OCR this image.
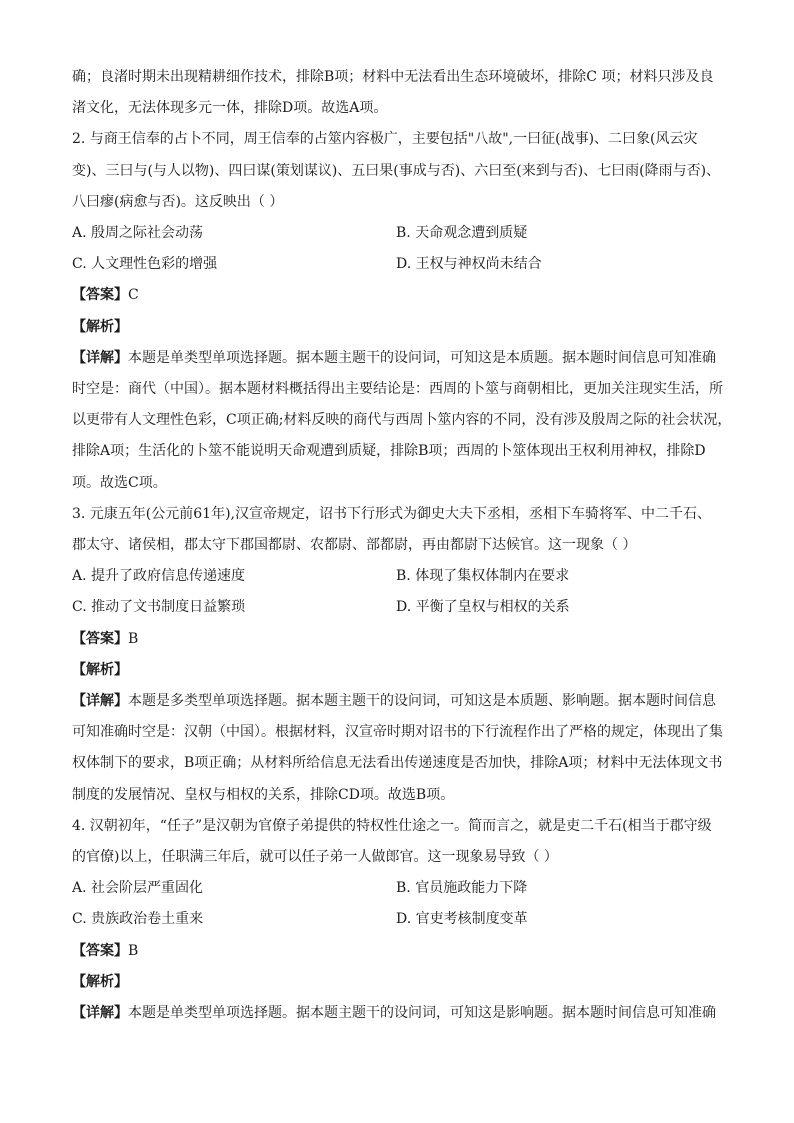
确；良渚时期未出现精耕细作技术，排除B项；材料中无法看出生态环境破坏，排除C 项；材料只涉及良
渚文化，无法体现多元一体，排除D项。故选A项。
2. 与商王信奉的占卜不同，周王信奉的占筮内容极广，主要包括"八故",一曰征(战事)、二曰象(风云灾
变)、三曰与(与人以物)、四曰谋(策划谋议)、五曰果(事成与否)、六曰至(来到与否)、七曰雨(降雨与否)、
八曰瘳(病愈与否)。这反映出（ ）
A. 殷周之际社会动荡	B. 天命观念遭到质疑
C. 人文理性色彩的增强	D. 王权与神权尚未结合
【答案】C
【解析】
【详解】本题是单类型单项选择题。据本题主题干的设问词，可知这是本质题。据本题时间信息可知准确
时空是：商代（中国）。据本题材料概括得出主要结论是：西周的卜筮与商朝相比，更加关注现实生活，所
以更带有人文理性色彩，C项正确;材料反映的商代与西周卜筮内容的不同，没有涉及殷周之际的社会状况，
排除A项；生活化的卜筮不能说明天命观遭到质疑，排除B项；西周的卜筮体现出王权利用神权，排除D
项。故选C项。
3. 元康五年(公元前61年),汉宣帝规定，诏书下行形式为御史大夫下丞相，丞相下车骑将军、中二千石、
郡太守、诸侯相，郡太守下郡国都尉、农都尉、部都尉，再由都尉下达候官。这一现象（ ）
A. 提升了政府信息传递速度	B. 体现了集权体制内在要求
C. 推动了文书制度日益繁琐	D. 平衡了皇权与相权的关系
【答案】B
【解析】
【详解】本题是多类型单项选择题。据本题主题干的设问词，可知这是本质题、影响题。据本题时间信息
可知准确时空是：汉朝（中国）。根据材料，汉宣帝时期对诏书的下行流程作出了严格的规定，体现出了集
权体制下的要求，B项正确；从材料所给信息无法看出传递速度是否加快，排除A项；材料中无法体现文书
制度的发展情况、皇权与相权的关系，排除CD项。故选B项。
4. 汉朝初年，“任子”是汉朝为官僚子弟提供的特权性仕途之一。简而言之，就是吏二千石(相当于郡守级
的官僚)以上，任职满三年后，就可以任子弟一人做郎官。这一现象易导致（ ）
A. 社会阶层严重固化	B. 官员施政能力下降
C. 贵族政治卷土重来	D. 官吏考核制度变革
【答案】B
【解析】
【详解】本题是单类型单项选择题。据本题主题干的设问词，可知这是影响题。据本题时间信息可知准确
